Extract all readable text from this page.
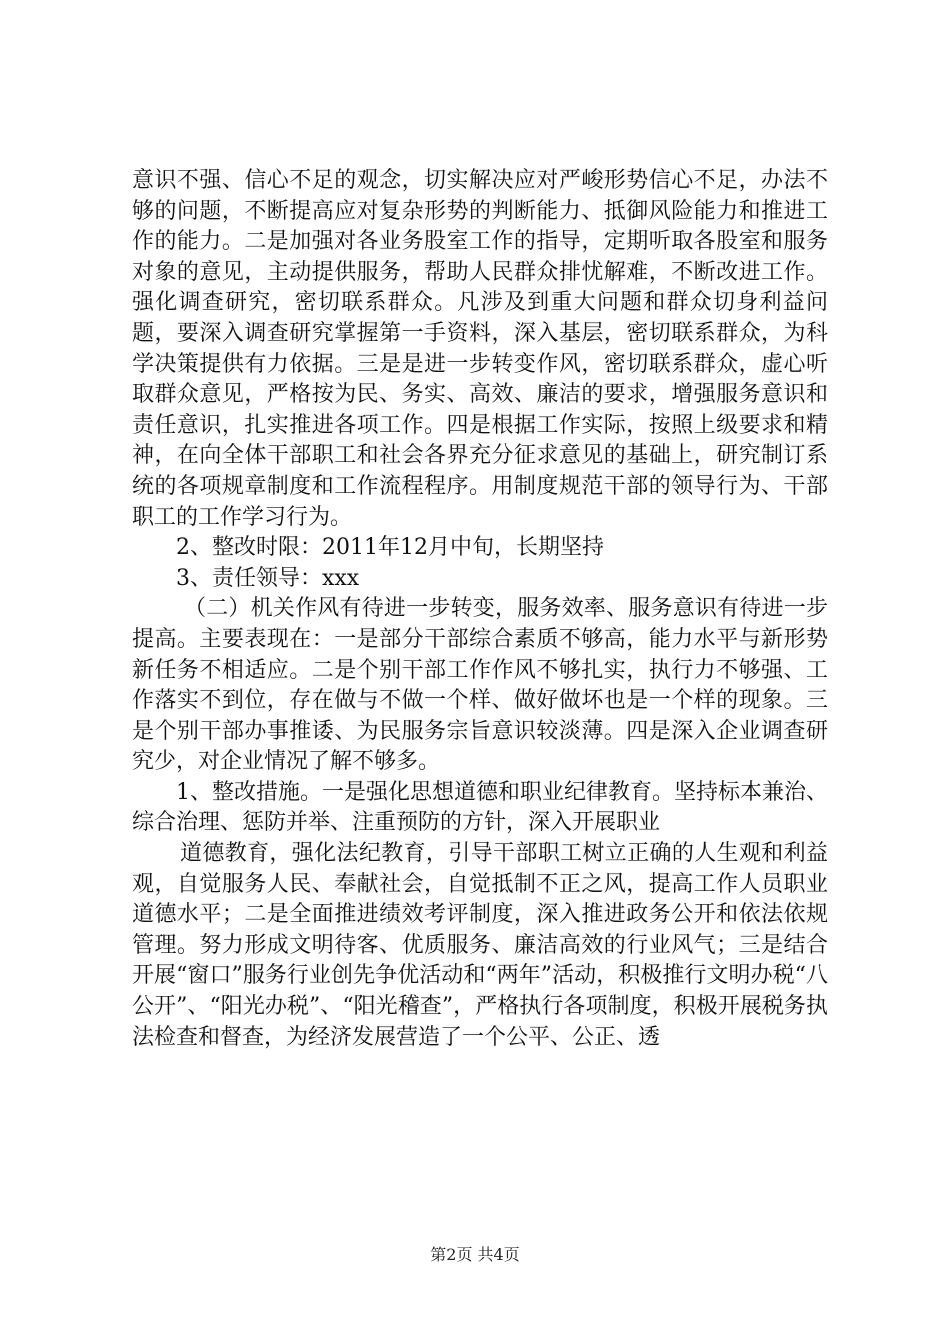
意识不强、信心不足的观念，切实解决应对严峻形势信心不足，办法不够的问题，不断提高应对复杂形势的判断能力、抵御风险能力和推进工作的能力。二是加强对各业务股室工作的指导，定期听取各股室和服务对象的意见，主动提供服务，帮助人民群众排忧解难，不断改进工作。强化调查研究，密切联系群众。凡涉及到重大问题和群众切身利益问题，要深入调查研究掌握第一手资料，深入基层，密切联系群众，为科学决策提供有力依据。三是是进一步转变作风，密切联系群众，虚心听取群众意见，严格按为民、务实、高效、廉洁的要求，增强服务意识和责任意识，扎实推进各项工作。四是根据工作实际，按照上级要求和精神，在向全体干部职工和社会各界充分征求意见的基础上，研究制订系统的各项规章制度和工作流程程序。用制度规范干部的领导行为、干部职工的工作学习行为。

2、整改时限：2011年12月中旬，长期坚持

3、责任领导：xxx

（二）机关作风有待进一步转变，服务效率、服务意识有待进一步提高。主要表现在：一是部分干部综合素质不够高，能力水平与新形势新任务不相适应。二是个别干部工作作风不够扎实，执行力不够强、工作落实不到位，存在做与不做一个样、做好做坏也是一个样的现象。三是个别干部办事推诿、为民服务宗旨意识较淡薄。四是深入企业调查研究少，对企业情况了解不够多。

1、整改措施。一是强化思想道德和职业纪律教育。坚持标本兼治、综合治理、惩防并举、注重预防的方针，深入开展职业

道德教育，强化法纪教育，引导干部职工树立正确的人生观和利益观，自觉服务人民、奉献社会，自觉抵制不正之风，提高工作人员职业道德水平；二是全面推进绩效考评制度，深入推进政务公开和依法依规管理。努力形成文明待客、优质服务、廉洁高效的行业风气；三是结合开展“窗口”服务行业创先争优活动和“两年”活动，积极推行文明办税“八公开”、“阳光办税”、“阳光稽查”，严格执行各项制度，积极开展税务执法检查和督查，为经济发展营造了一个公平、公正、透

第2页 共4页
